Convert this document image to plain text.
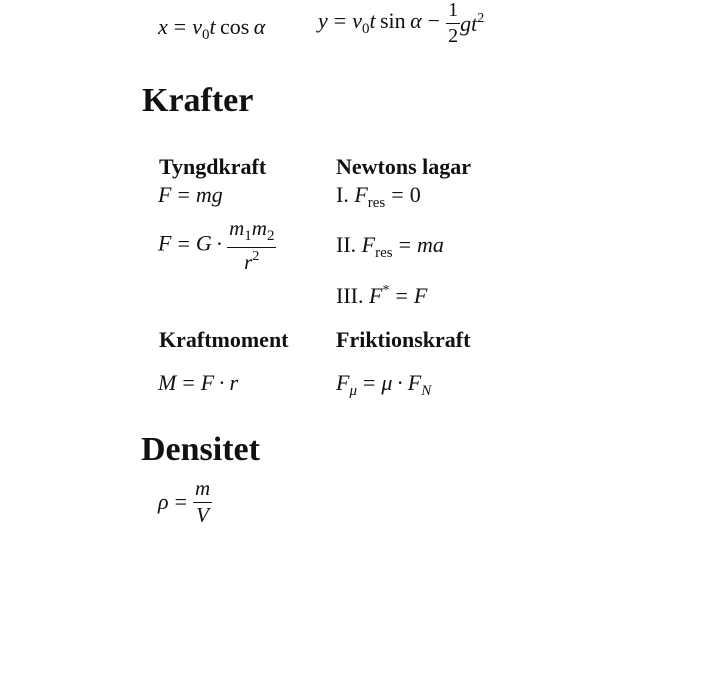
$x = v_0t$  cos  α $y = v_0t$  $\sin \alpha - \frac{1}{2} gt^2$
Krafter
Tyngdkraft
F = mg
$F = G \cdot \frac{m_1m_2}{r^2}$
Newtons lagar
I. $F_{res} = 0$
II. $F_{res}$ = ma
III. F* = F
Kraftmoment
M = F · r
Friktionskraft
$F_\mu = \mu \cdot F_N$
Densitet
$\rho = \frac{m}{V}$
